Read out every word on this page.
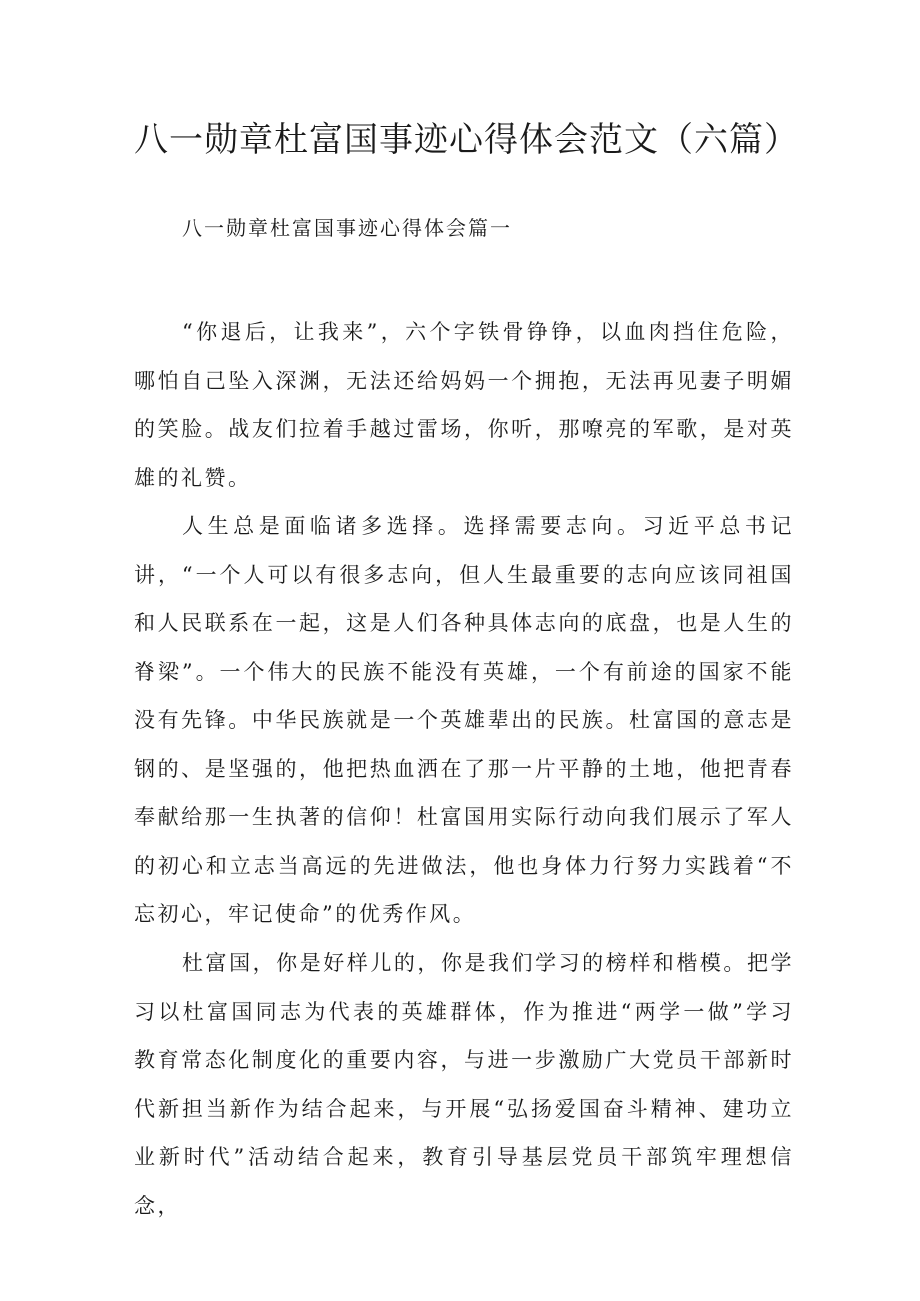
八一勋章杜富国事迹心得体会范文（六篇）
八一勋章杜富国事迹心得体会篇一

“你退后，让我来”，六个字铁骨铮铮，以血肉挡住危险，哪怕自己坠入深渊，无法还给妈妈一个拥抱，无法再见妻子明媚的笑脸。战友们拉着手越过雷场，你听，那嘹亮的军歌，是对英雄的礼赞。

人生总是面临诸多选择。选择需要志向。习近平总书记讲，“一个人可以有很多志向，但人生最重要的志向应该同祖国和人民联系在一起，这是人们各种具体志向的底盘，也是人生的脊梁”。一个伟大的民族不能没有英雄，一个有前途的国家不能没有先锋。中华民族就是一个英雄辈出的民族。杜富国的意志是钢的、是坚强的，他把热血洒在了那一片平静的土地，他把青春奉献给那一生执著的信仰！杜富国用实际行动向我们展示了军人的初心和立志当高远的先进做法，他也身体力行努力实践着“不忘初心，牢记使命”的优秀作风。

杜富国，你是好样儿的，你是我们学习的榜样和楷模。把学习以杜富国同志为代表的英雄群体，作为推进“两学一做”学习教育常态化制度化的重要内容，与进一步激励广大党员干部新时代新担当新作为结合起来，与开展“弘扬爱国奋斗精神、建功立业新时代”活动结合起来，教育引导基层党员干部筑牢理想信念，
